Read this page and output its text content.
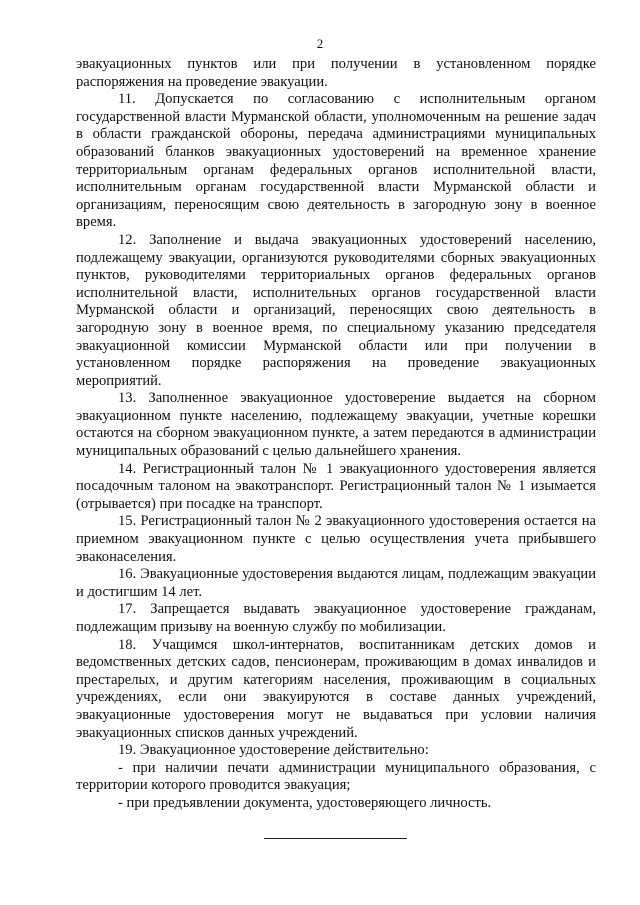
2

эвакуационных пунктов или при получении в установленном порядке распоряжения на проведение эвакуации.

11. Допускается по согласованию с исполнительным органом государственной власти Мурманской области, уполномоченным на решение задач в области гражданской обороны, передача администрациями муниципальных образований бланков эвакуационных удостоверений на временное хранение территориальным органам федеральных органов исполнительной власти, исполнительным органам государственной власти Мурманской области и организациям, переносящим свою деятельность в загородную зону в военное время.

12. Заполнение и выдача эвакуационных удостоверений населению, подлежащему эвакуации, организуются руководителями сборных эвакуационных пунктов, руководителями территориальных органов федеральных органов исполнительной власти, исполнительных органов государственной власти Мурманской области и организаций, переносящих свою деятельность в загородную зону в военное время, по специальному указанию председателя эвакуационной комиссии Мурманской области или при получении в установленном порядке распоряжения на проведение эвакуационных мероприятий.

13. Заполненное эвакуационное удостоверение выдается на сборном эвакуационном пункте населению, подлежащему эвакуации, учетные корешки остаются на сборном эвакуационном пункте, а затем передаются в администрации муниципальных образований с целью дальнейшего хранения.

14. Регистрационный талон № 1 эвакуационного удостоверения является посадочным талоном на эвакотранспорт. Регистрационный талон № 1 изымается (отрывается) при посадке на транспорт.

15. Регистрационный талон № 2 эвакуационного удостоверения остается на приемном эвакуационном пункте с целью осуществления учета прибывшего эваконаселения.

16. Эвакуационные удостоверения выдаются лицам, подлежащим эвакуации и достигшим 14 лет.

17. Запрещается выдавать эвакуационное удостоверение гражданам, подлежащим призыву на военную службу по мобилизации.

18. Учащимся школ-интернатов, воспитанникам детских домов и ведомственных детских садов, пенсионерам, проживающим в домах инвалидов и престарелых, и другим категориям населения, проживающим в социальных учреждениях, если они эвакуируются в составе данных учреждений, эвакуационные удостоверения могут не выдаваться при условии наличия эвакуационных списков данных учреждений.

19. Эвакуационное удостоверение действительно:

- при наличии печати администрации муниципального образования, с территории которого проводится эвакуация;

- при предъявлении документа, удостоверяющего личность.
